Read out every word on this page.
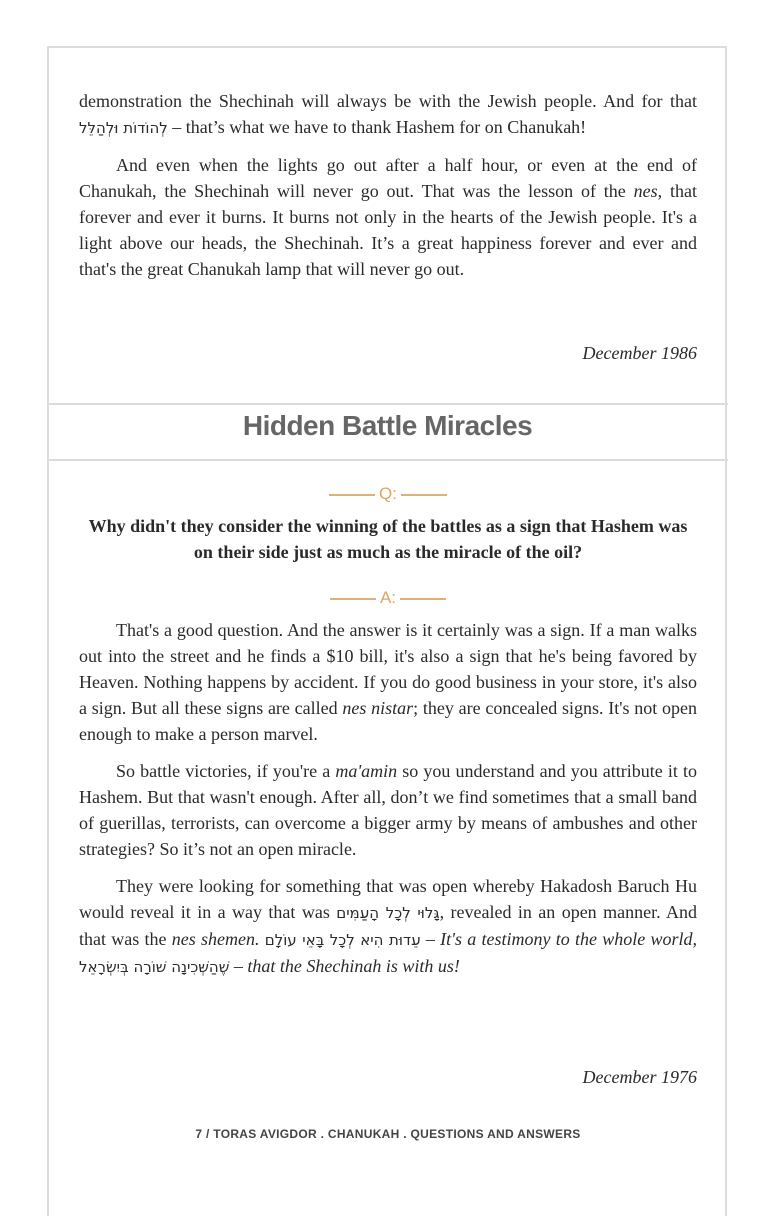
demonstration the Shechinah will always be with the Jewish people. And for that לְהוֹדוֹת וּלְהַלֵּל – that’s what we have to thank Hashem for on Chanukah!

And even when the lights go out after a half hour, or even at the end of Chanukah, the Shechinah will never go out. That was the lesson of the nes, that forever and ever it burns. It burns not only in the hearts of the Jewish people. It's a light above our heads, the Shechinah. It’s a great happiness forever and ever and that's the great Chanukah lamp that will never go out.

December 1986
Hidden Battle Miracles
Q:
Why didn't they consider the winning of the battles as a sign that Hashem was on their side just as much as the miracle of the oil?
A:

That's a good question. And the answer is it certainly was a sign. If a man walks out into the street and he finds a $10 bill, it's also a sign that he's being favored by Heaven. Nothing happens by accident. If you do good business in your store, it's also a sign. But all these signs are called nes nistar; they are concealed signs. It's not open enough to make a person marvel.

So battle victories, if you're a ma'amin so you understand and you attribute it to Hashem. But that wasn't enough. After all, don’t we find sometimes that a small band of guerillas, terrorists, can overcome a bigger army by means of ambushes and other strategies? So it’s not an open miracle.

They were looking for something that was open whereby Hakadosh Baruch Hu would reveal it in a way that was גָּלוּי לְכָל הָעַמִּים, revealed in an open manner. And that was the nes shemen. עֵדוּת הִיא לְכָל בָּאֵי עוֹלָם – It's a testimony to the whole world, שֶׁהַשְּׁכִינָה שׁוֹרָה בְּיִשְׂרָאֵל – that the Shechinah is with us!

December 1976
7 / TORAS AVIGDOR . CHANUKAH . QUESTIONS AND ANSWERS
